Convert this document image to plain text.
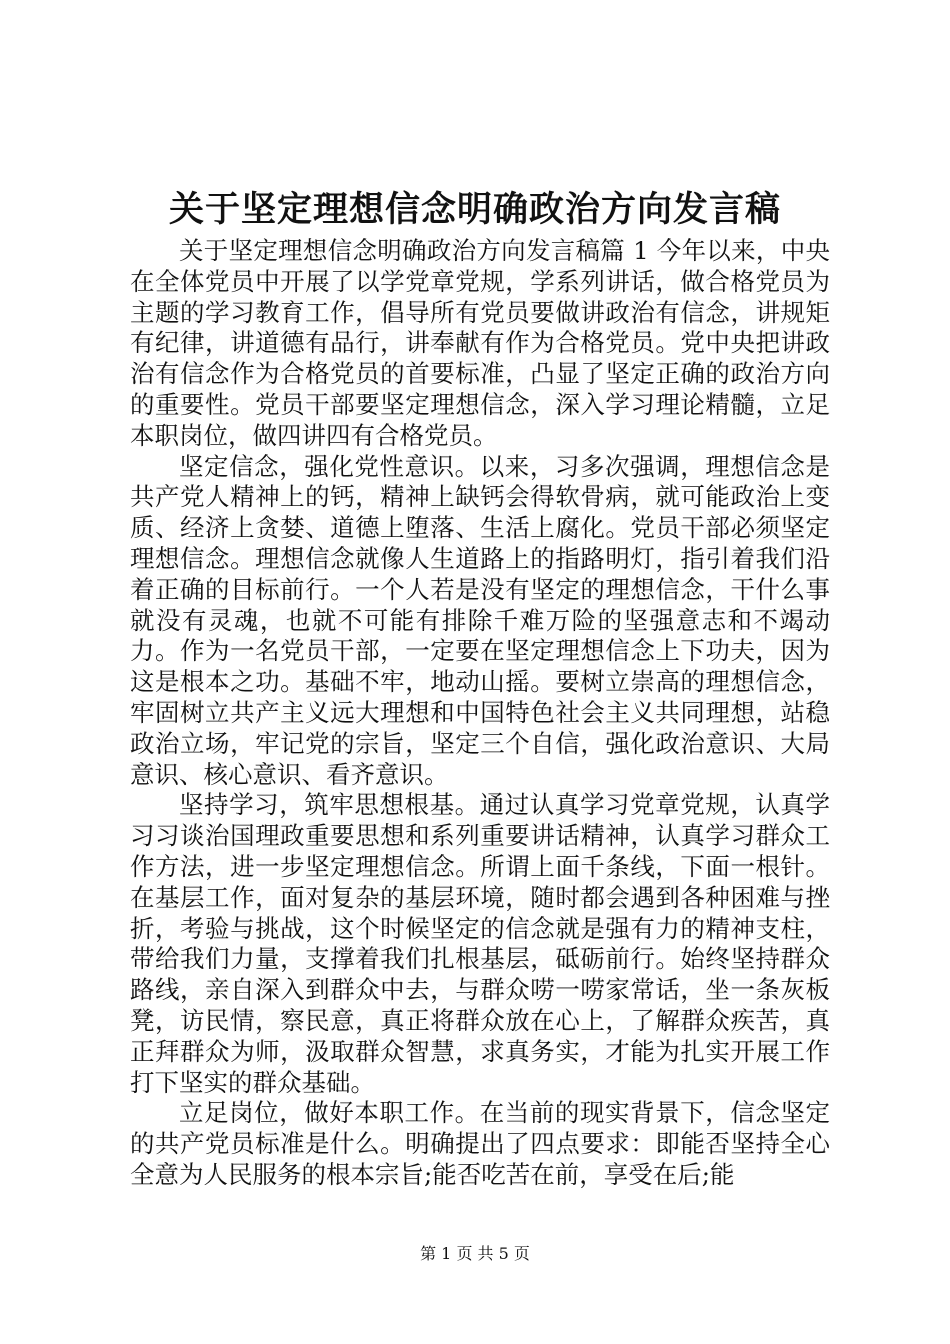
关于坚定理想信念明确政治方向发言稿

关于坚定理想信念明确政治方向发言稿篇 1 今年以来，中央在全体党员中开展了以学党章党规，学系列讲话，做合格党员为主题的学习教育工作，倡导所有党员要做讲政治有信念，讲规矩有纪律，讲道德有品行，讲奉献有作为合格党员。党中央把讲政治有信念作为合格党员的首要标准，凸显了坚定正确的政治方向的重要性。党员干部要坚定理想信念，深入学习理论精髓，立足本职岗位，做四讲四有合格党员。

坚定信念，强化党性意识。以来，习多次强调，理想信念是共产党人精神上的钙，精神上缺钙会得软骨病，就可能政治上变质、经济上贪婪、道德上堕落、生活上腐化。党员干部必须坚定理想信念。理想信念就像人生道路上的指路明灯，指引着我们沿着正确的目标前行。一个人若是没有坚定的理想信念，干什么事就没有灵魂，也就不可能有排除千难万险的坚强意志和不竭动力。作为一名党员干部，一定要在坚定理想信念上下功夫，因为这是根本之功。基础不牢，地动山摇。要树立崇高的理想信念，牢固树立共产主义远大理想和中国特色社会主义共同理想，站稳政治立场，牢记党的宗旨，坚定三个自信，强化政治意识、大局意识、核心意识、看齐意识。

坚持学习，筑牢思想根基。通过认真学习党章党规，认真学习习谈治国理政重要思想和系列重要讲话精神，认真学习群众工作方法，进一步坚定理想信念。所谓上面千条线，下面一根针。在基层工作，面对复杂的基层环境，随时都会遇到各种困难与挫折，考验与挑战，这个时候坚定的信念就是强有力的精神支柱，带给我们力量，支撑着我们扎根基层，砥砺前行。始终坚持群众路线，亲自深入到群众中去，与群众唠一唠家常话，坐一条灰板凳，访民情，察民意，真正将群众放在心上，了解群众疾苦，真正拜群众为师，汲取群众智慧，求真务实，才能为扎实开展工作打下坚实的群众基础。

立足岗位，做好本职工作。在当前的现实背景下，信念坚定的共产党员标准是什么。明确提出了四点要求：即能否坚持全心全意为人民服务的根本宗旨;能否吃苦在前，享受在后;能

第 1 页 共 5 页
